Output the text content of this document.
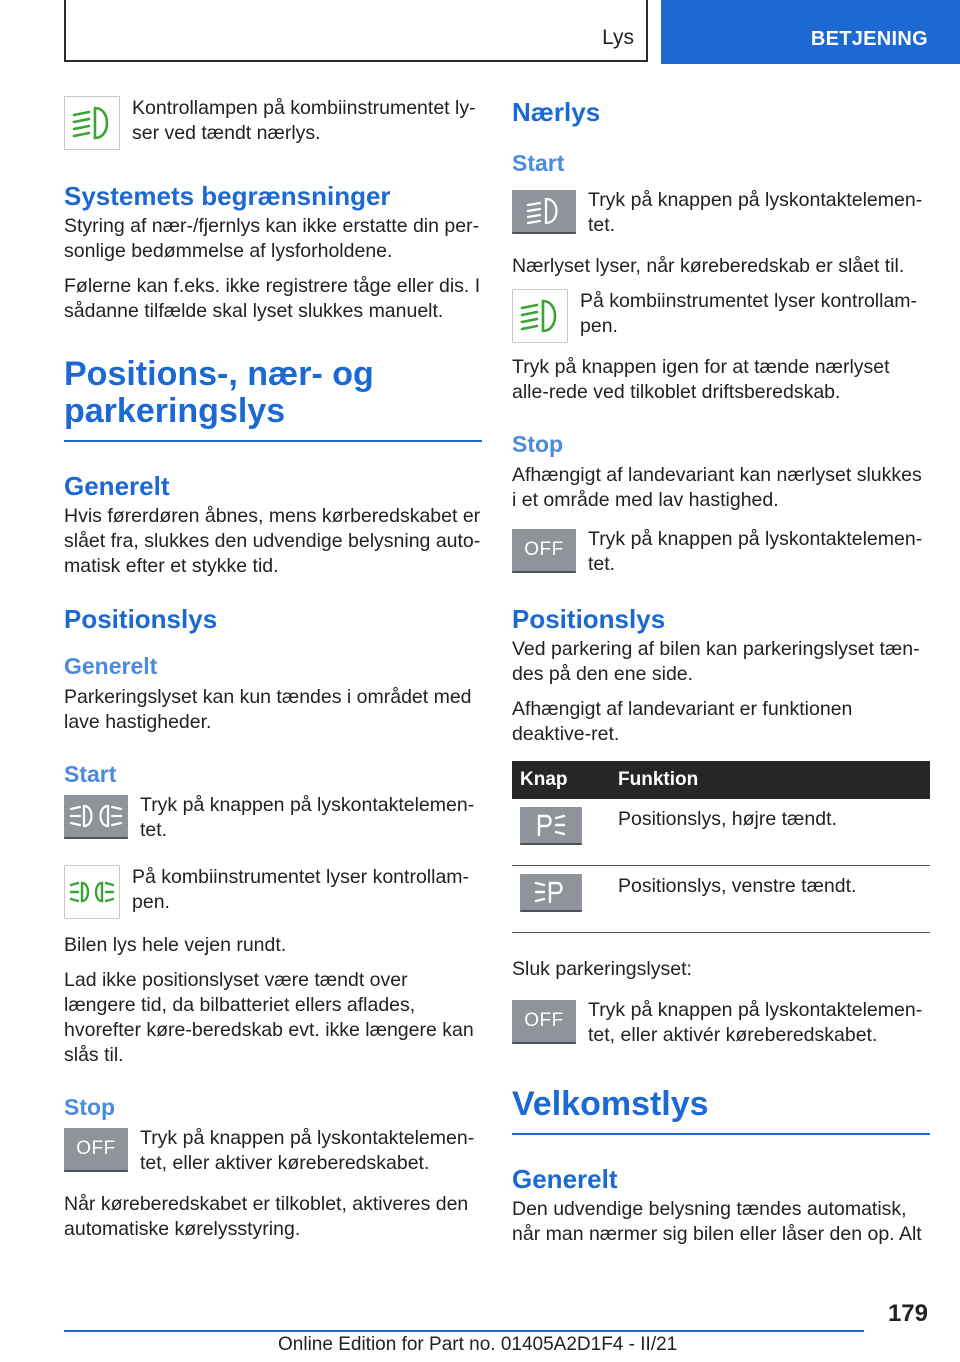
Lys	BETJENING
Kontrollampen på kombiinstrumentet ly-ser ved tændt nærlys.
Systemets begrænsninger

Styring af nær-/fjernlys kan ikke erstatte din per-sonlige bedømmelse af lysforholdene.

Følerne kan f.eks. ikke registrere tåge eller dis. I sådanne tilfælde skal lyset slukkes manuelt.

Positions-, nær- og parkeringslys
Generelt

Hvis førerdøren åbnes, mens kørberedskabet er slået fra, slukkes den udvendige belysning auto-matisk efter et stykke tid.

Positionslys
Generelt

Parkeringslyset kan kun tændes i området med lave hastigheder.

Start
Tryk på knappen på lyskontaktelemen-tet.
På kombiinstrumentet lyser kontrollam-pen.

Bilen lys hele vejen rundt.

Lad ikke positionslyset være tændt over længere tid, da bilbatteriet ellers aflades, hvorefter køre-beredskab evt. ikke længere kan slås til.

Stop
OFF Tryk på knappen på lyskontaktelemen-tet, eller aktiver køreberedskabet.

Når køreberedskabet er tilkoblet, aktiveres den automatiske kørelysstyring.

Nærlys
Start
Tryk på knappen på lyskontaktelemen-tet.

Nærlyset lyser, når køreberedskab er slået til.

På kombiinstrumentet lyser kontrollam-pen.

Tryk på knappen igen for at tænde nærlyset alle-rede ved tilkoblet driftsberedskab.

Stop

Afhængigt af landevariant kan nærlyset slukkes i et område med lav hastighed.

OFF Tryk på knappen på lyskontaktelemen-tet.
Positionslys

Ved parkering af bilen kan parkeringslyset tæn-des på den ene side.

Afhængigt af landevariant er funktionen deaktive-ret.

Knap	Funktion

	Positionslys, højre tændt.

	Positionslys, venstre tændt.

Sluk parkeringslyset:

OFF Tryk på knappen på lyskontaktelemen-tet, eller aktivér køreberedskabet.
Velkomstlys
Generelt

Den udvendige belysning tændes automatisk, når man nærmer sig bilen eller låser den op. Alt

179
Online Edition for Part no. 01405A2D1F4 - II/21
